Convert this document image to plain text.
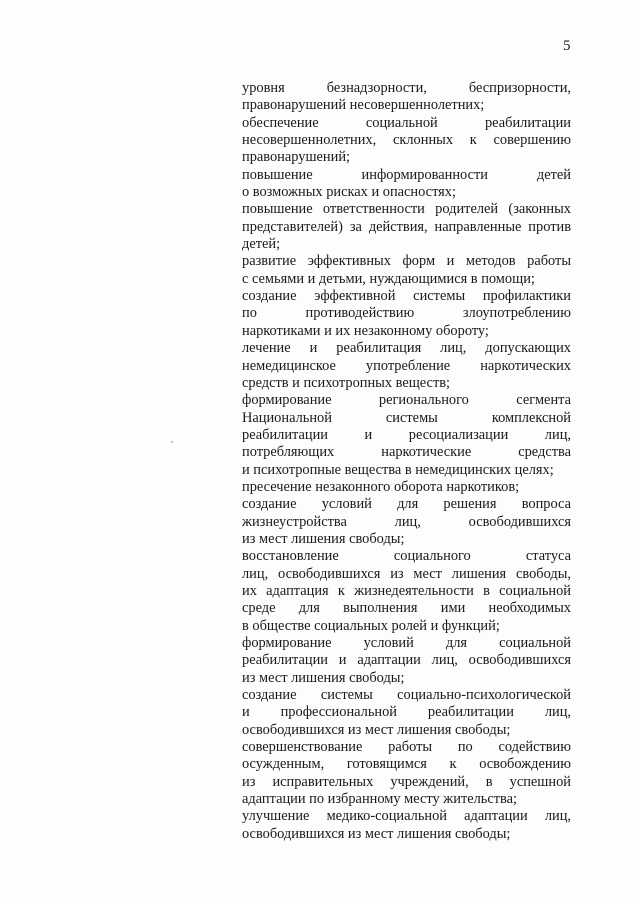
5
уровня безнадзорности, беспризорности,
правонарушений несовершеннолетних;
обеспечение социальной реабилитации
несовершеннолетних, склонных к совершению
правонарушений;
повышение информированности детей
о возможных рисках и опасностях;
повышение ответственности родителей (законных
представителей) за действия, направленные против
детей;
развитие эффективных форм и методов работы
с семьями и детьми, нуждающимися в помощи;
создание эффективной системы профилактики
по противодействию злоупотреблению
наркотиками и их незаконному обороту;
лечение и реабилитация лиц, допускающих
немедицинское употребление наркотических
средств и психотропных веществ;
формирование регионального сегмента
Национальной системы комплексной
реабилитации и ресоциализации лиц,
потребляющих наркотические средства
и психотропные вещества в немедицинских целях;
пресечение незаконного оборота наркотиков;
создание условий для решения вопроса
жизнеустройства лиц, освободившихся
из мест лишения свободы;
восстановление социального статуса
лиц, освободившихся из мест лишения свободы,
их адаптация к жизнедеятельности в социальной
среде для выполнения ими необходимых
в обществе социальных ролей и функций;
формирование условий для социальной
реабилитации и адаптации лиц, освободившихся
из мест лишения свободы;
создание системы социально-психологической
и профессиональной реабилитации лиц,
освободившихся из мест лишения свободы;
совершенствование работы по содействию
осужденным, готовящимся к освобождению
из исправительных учреждений, в успешной
адаптации по избранному месту жительства;
улучшение медико-социальной адаптации лиц,
освободившихся из мест лишения свободы;
